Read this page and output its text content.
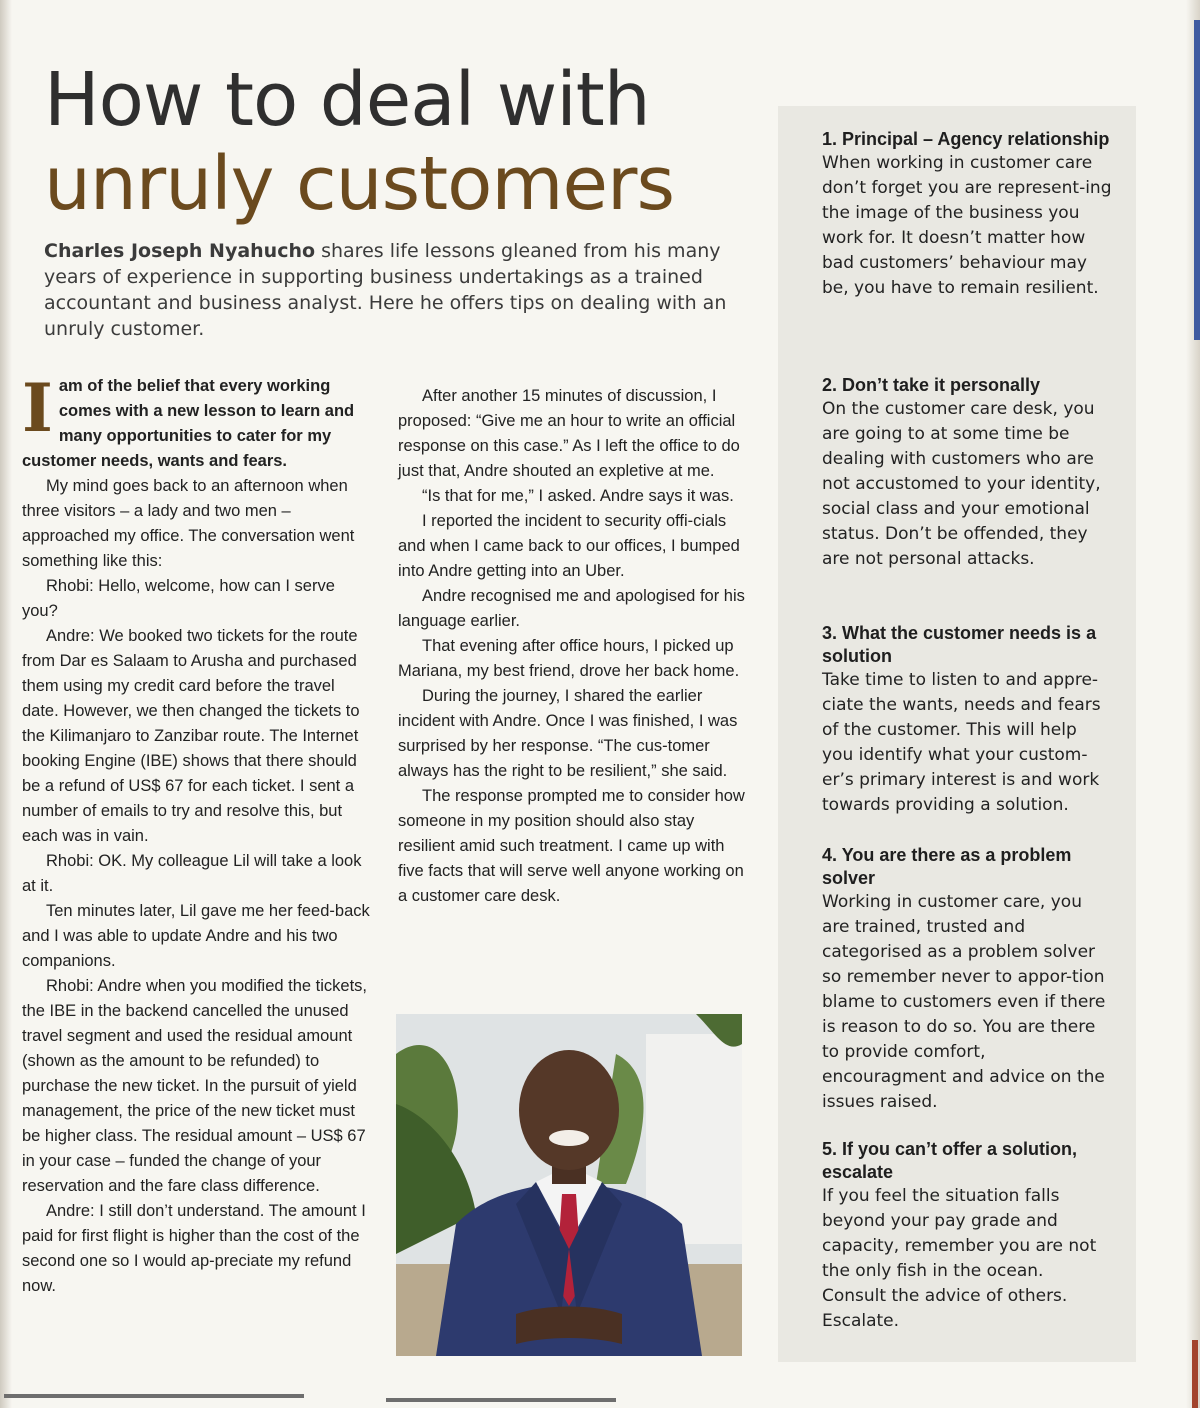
How to deal with
unruly customers

Charles Joseph Nyahucho shares life lessons gleaned from his many years of experience in supporting business undertakings as a trained accountant and business analyst. Here he offers tips on dealing with an unruly customer.

Iam of the belief that every working comes with a new lesson to learn and many opportunities to cater for my customer needs, wants and fears.

My mind goes back to an afternoon when three visitors – a lady and two men – approached my office. The conversation went something like this:

Rhobi: Hello, welcome, how can I serve you?

Andre: We booked two tickets for the route from Dar es Salaam to Arusha and purchased them using my credit card before the travel date. However, we then changed the tickets to the Kilimanjaro to Zanzibar route. The Internet booking Engine (IBE) shows that there should be a refund of US$ 67 for each ticket. I sent a number of emails to try and resolve this, but each was in vain.

Rhobi: OK. My colleague Lil will take a look at it.

Ten minutes later, Lil gave me her feed-back and I was able to update Andre and his two companions.

Rhobi: Andre when you modified the tickets, the IBE in the backend cancelled the unused travel segment and used the residual amount (shown as the amount to be refunded) to purchase the new ticket. In the pursuit of yield management, the price of the new ticket must be higher class. The residual amount – US$ 67 in your case – funded the change of your reservation and the fare class difference.

Andre: I still don’t understand. The amount I paid for first flight is higher than the cost of the second one so I would ap-preciate my refund now.

After another 15 minutes of discussion, I proposed: “Give me an hour to write an official response on this case.” As I left the office to do just that, Andre shouted an expletive at me.

“Is that for me,” I asked. Andre says it was.

I reported the incident to security offi-cials and when I came back to our offices, I bumped into Andre getting into an Uber.

Andre recognised me and apologised for his language earlier.

That evening after office hours, I picked up Mariana, my best friend, drove her back home.

During the journey, I shared the earlier incident with Andre. Once I was finished, I was surprised by her response. “The cus-tomer always has the right to be resilient,” she said.

The response prompted me to consider how someone in my position should also stay resilient amid such treatment. I came up with five facts that will serve well anyone working on a customer care desk.

1. Principal – Agency relationship

When working in customer care don’t forget you are represent-ing the image of the business you work for. It doesn’t matter how bad customers’ behaviour may be, you have to remain resilient.

2. Don’t take it personally

On the customer care desk, you are going to at some time be dealing with customers who are not accustomed to your identity, social class and your emotional status. Don’t be offended, they are not personal attacks.

3. What the customer needs is a solution

Take time to listen to and appre-ciate the wants, needs and fears of the customer. This will help you identify what your custom-er’s primary interest is and work towards providing a solution.

4. You are there as a problem solver

Working in customer care, you are trained, trusted and categorised as a problem solver so remember never to appor-tion blame to customers even if there is reason to do so. You are there to provide comfort, encouragment and advice on the issues raised.

5. If you can’t offer a solution, escalate

If you feel the situation falls beyond your pay grade and capacity, remember you are not the only fish in the ocean. Consult the advice of others. Escalate.
